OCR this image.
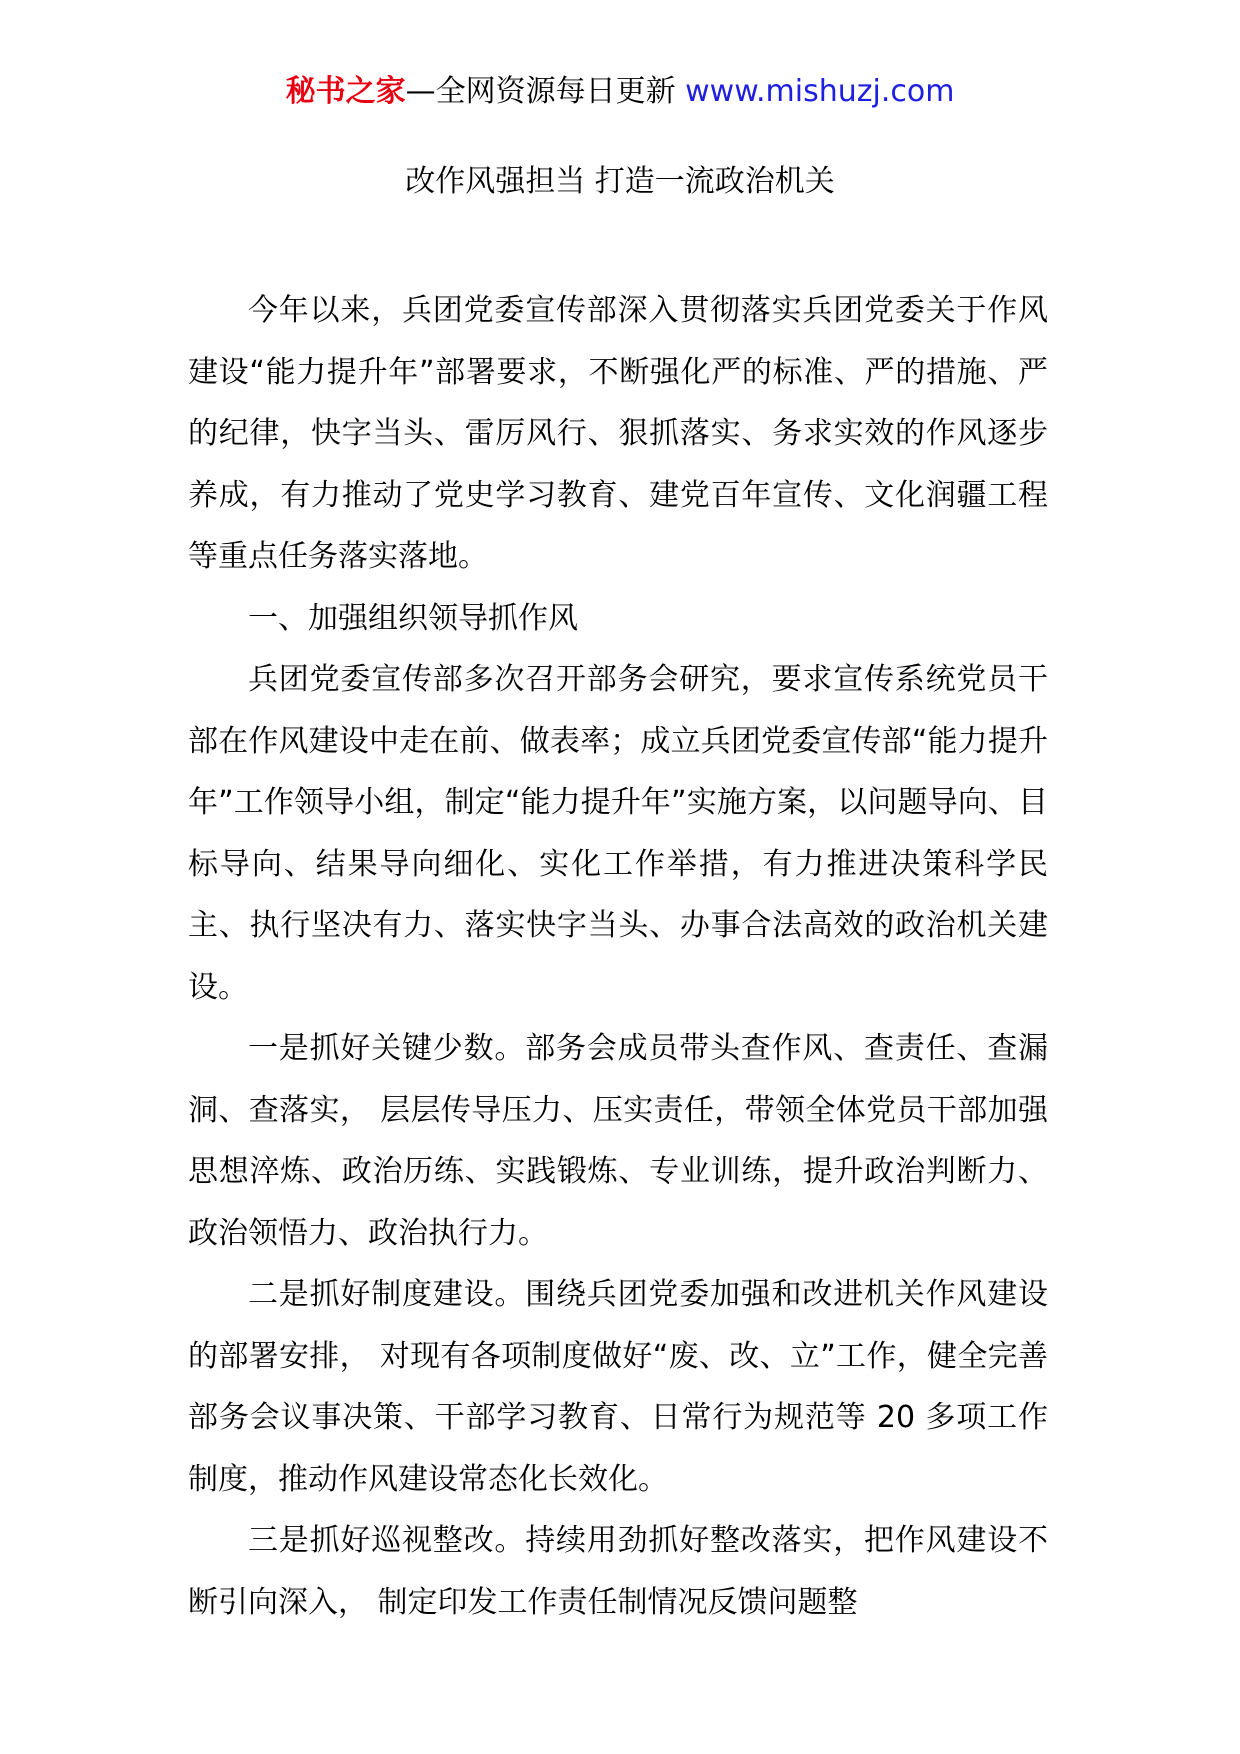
秘书之家—全网资源每日更新 www.mishuzj.com
改作风强担当 打造一流政治机关

今年以来，兵团党委宣传部深入贯彻落实兵团党委关于作风建设“能力提升年”部署要求，不断强化严的标准、严的措施、严的纪律，快字当头、雷厉风行、狠抓落实、务求实效的作风逐步养成，有力推动了党史学习教育、建党百年宣传、文化润疆工程等重点任务落实落地。

一、加强组织领导抓作风

兵团党委宣传部多次召开部务会研究，要求宣传系统党员干部在作风建设中走在前、做表率；成立兵团党委宣传部“能力提升年”工作领导小组，制定“能力提升年”实施方案，以问题导向、目标导向、结果导向细化、实化工作举措，有力推进决策科学民主、执行坚决有力、落实快字当头、办事合法高效的政治机关建设。

一是抓好关键少数。部务会成员带头查作风、查责任、查漏洞、查落实， 层层传导压力、压实责任，带领全体党员干部加强思想淬炼、政治历练、实践锻炼、专业训练，提升政治判断力、政治领悟力、政治执行力。

二是抓好制度建设。围绕兵团党委加强和改进机关作风建设的部署安排， 对现有各项制度做好“废、改、立”工作，健全完善部务会议事决策、干部学习教育、日常行为规范等 20 多项工作制度，推动作风建设常态化长效化。

三是抓好巡视整改。持续用劲抓好整改落实，把作风建设不断引向深入， 制定印发工作责任制情况反馈问题整
